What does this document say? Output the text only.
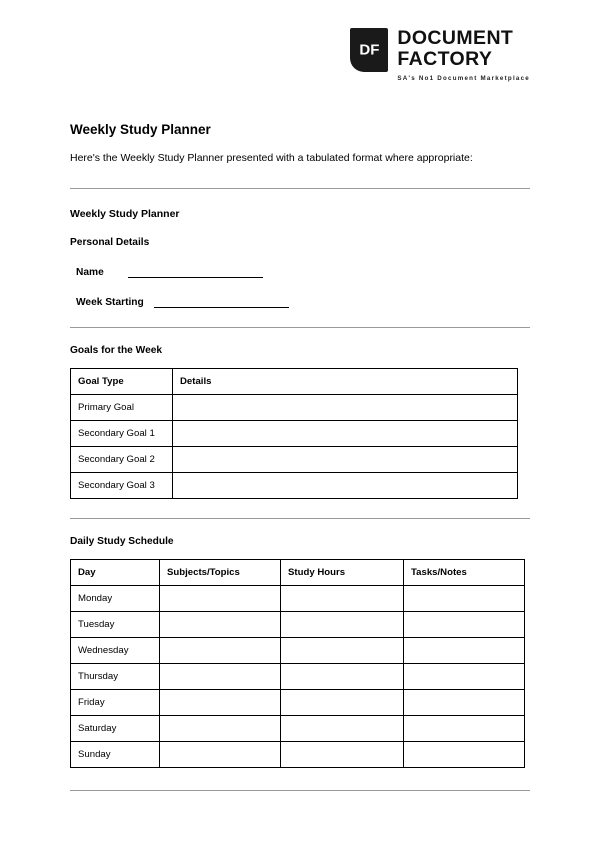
DF
DOCUMENT
FACTORY
SA's No1 Document Marketplace
Weekly Study Planner
Here's the Weekly Study Planner presented with a tabulated format where appropriate:
Weekly Study Planner
Personal Details
Name
Week Starting
Goals for the Week
Goal Type	Details
Primary Goal	
Secondary Goal 1	
Secondary Goal 2	
Secondary Goal 3	
Daily Study Schedule
Day	Subjects/Topics	Study Hours	Tasks/Notes
Monday			
Tuesday			
Wednesday			
Thursday			
Friday			
Saturday			
Sunday			
